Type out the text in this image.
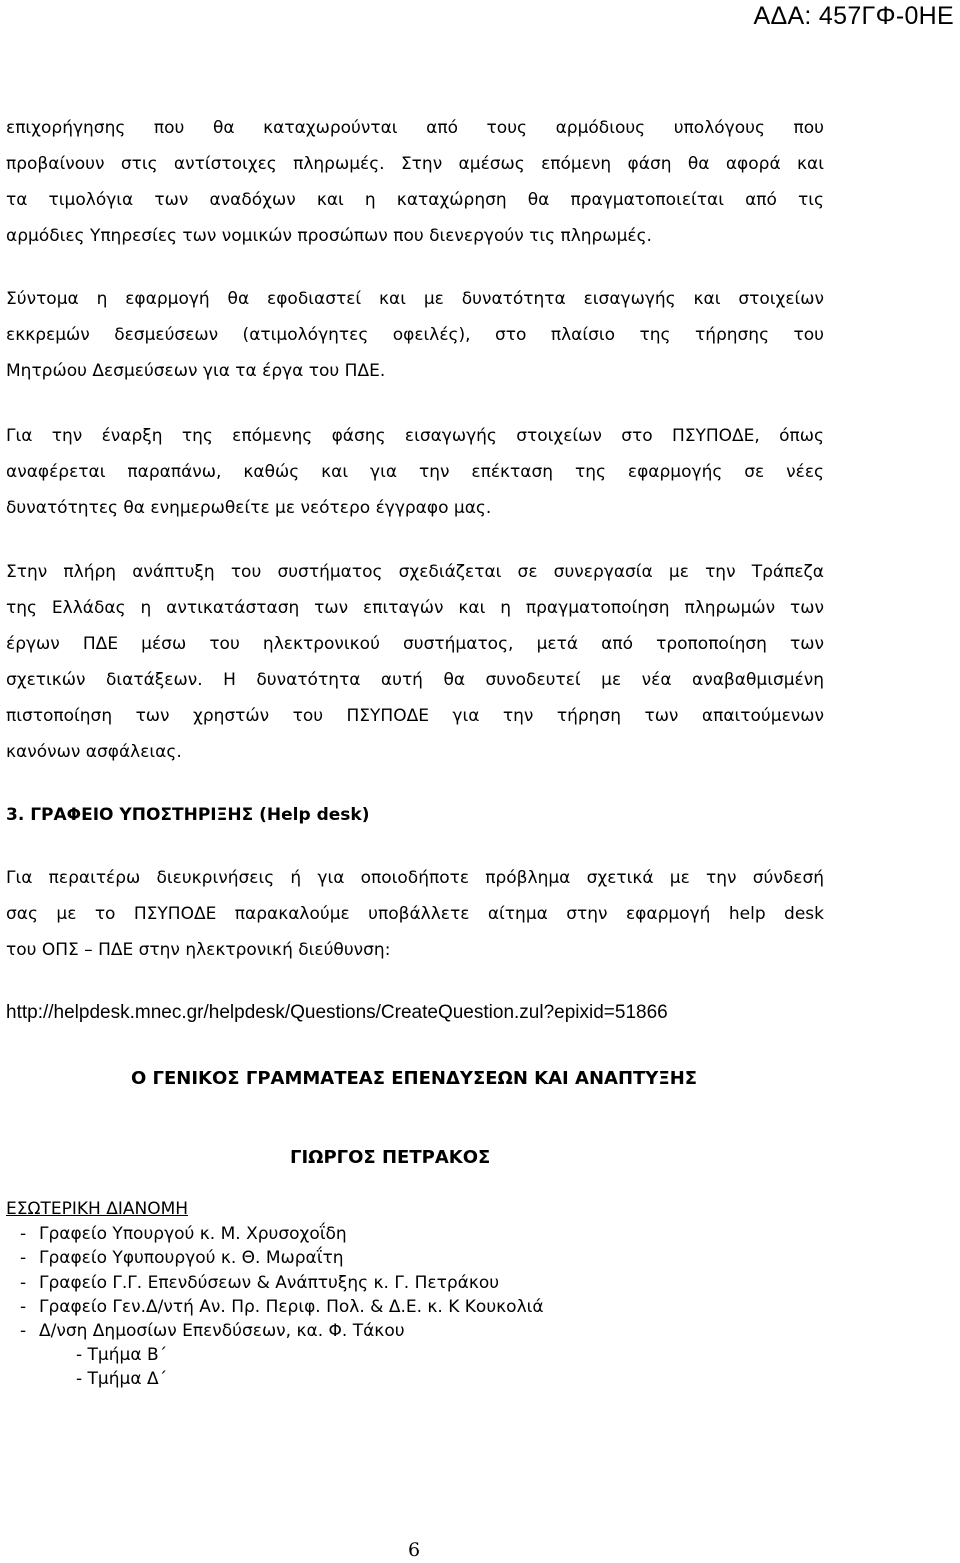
ΑΔΑ: 457ΓΦ-0ΗΕ
επιχορήγησης που θα καταχωρούνται από τους αρμόδιους υπολόγους που
προβαίνουν στις αντίστοιχες πληρωμές. Στην αμέσως επόμενη φάση θα αφορά και
τα τιμολόγια των αναδόχων και η καταχώρηση θα πραγματοποιείται από τις
αρμόδιες Υπηρεσίες των νομικών προσώπων που διενεργούν τις πληρωμές.
Σύντομα η εφαρμογή θα εφοδιαστεί και με δυνατότητα εισαγωγής και στοιχείων
εκκρεμών δεσμεύσεων (ατιμολόγητες οφειλές), στο πλαίσιο της τήρησης του
Μητρώου Δεσμεύσεων για τα έργα του ΠΔΕ.
Για την έναρξη της επόμενης φάσης εισαγωγής στοιχείων στο ΠΣΥΠΟΔΕ, όπως
αναφέρεται παραπάνω, καθώς και για την επέκταση της εφαρμογής σε νέες
δυνατότητες θα ενημερωθείτε με νεότερο έγγραφο μας.
Στην πλήρη ανάπτυξη του συστήματος σχεδιάζεται σε συνεργασία με την Τράπεζα
της Ελλάδας η αντικατάσταση των επιταγών και η πραγματοποίηση πληρωμών των
έργων ΠΔΕ μέσω του ηλεκτρονικού συστήματος, μετά από τροποποίηση των
σχετικών διατάξεων. Η δυνατότητα αυτή θα συνοδευτεί με νέα αναβαθμισμένη
πιστοποίηση των χρηστών του ΠΣΥΠΟΔΕ για την τήρηση των απαιτούμενων
κανόνων ασφάλειας.
3. ΓΡΑΦΕΙΟ ΥΠΟΣΤΗΡΙΞΗΣ (Help desk)
Για περαιτέρω διευκρινήσεις ή για οποιοδήποτε πρόβλημα σχετικά με την σύνδεσή
σας με το ΠΣΥΠΟΔΕ παρακαλούμε υποβάλλετε αίτημα στην εφαρμογή help desk
του ΟΠΣ – ΠΔΕ στην ηλεκτρονική διεύθυνση:
http://helpdesk.mnec.gr/helpdesk/Questions/CreateQuestion.zul?epixid=51866
Ο ΓΕΝΙΚΟΣ ΓΡΑΜΜΑΤΕΑΣ ΕΠΕΝΔΥΣΕΩΝ ΚΑΙ ΑΝΑΠΤΥΞΗΣ
ΓΙΩΡΓΟΣ ΠΕΤΡΑΚΟΣ
ΕΣΩΤΕΡΙΚΗ ΔΙΑΝΟΜΗ
- Γραφείο Υπουργού κ. Μ. Χρυσοχοΐδη
- Γραφείο Υφυπουργού κ. Θ. Μωραΐτη
- Γραφείο Γ.Γ. Επενδύσεων & Ανάπτυξης κ. Γ. Πετράκου
- Γραφείο Γεν.Δ/ντή Αν. Πρ. Περιφ. Πολ. & Δ.Ε. κ. Κ Κουκολιά
- Δ/νση Δημοσίων Επενδύσεων, κα. Φ. Τάκου
- Τμήμα Β΄
- Τμήμα Δ΄
6
